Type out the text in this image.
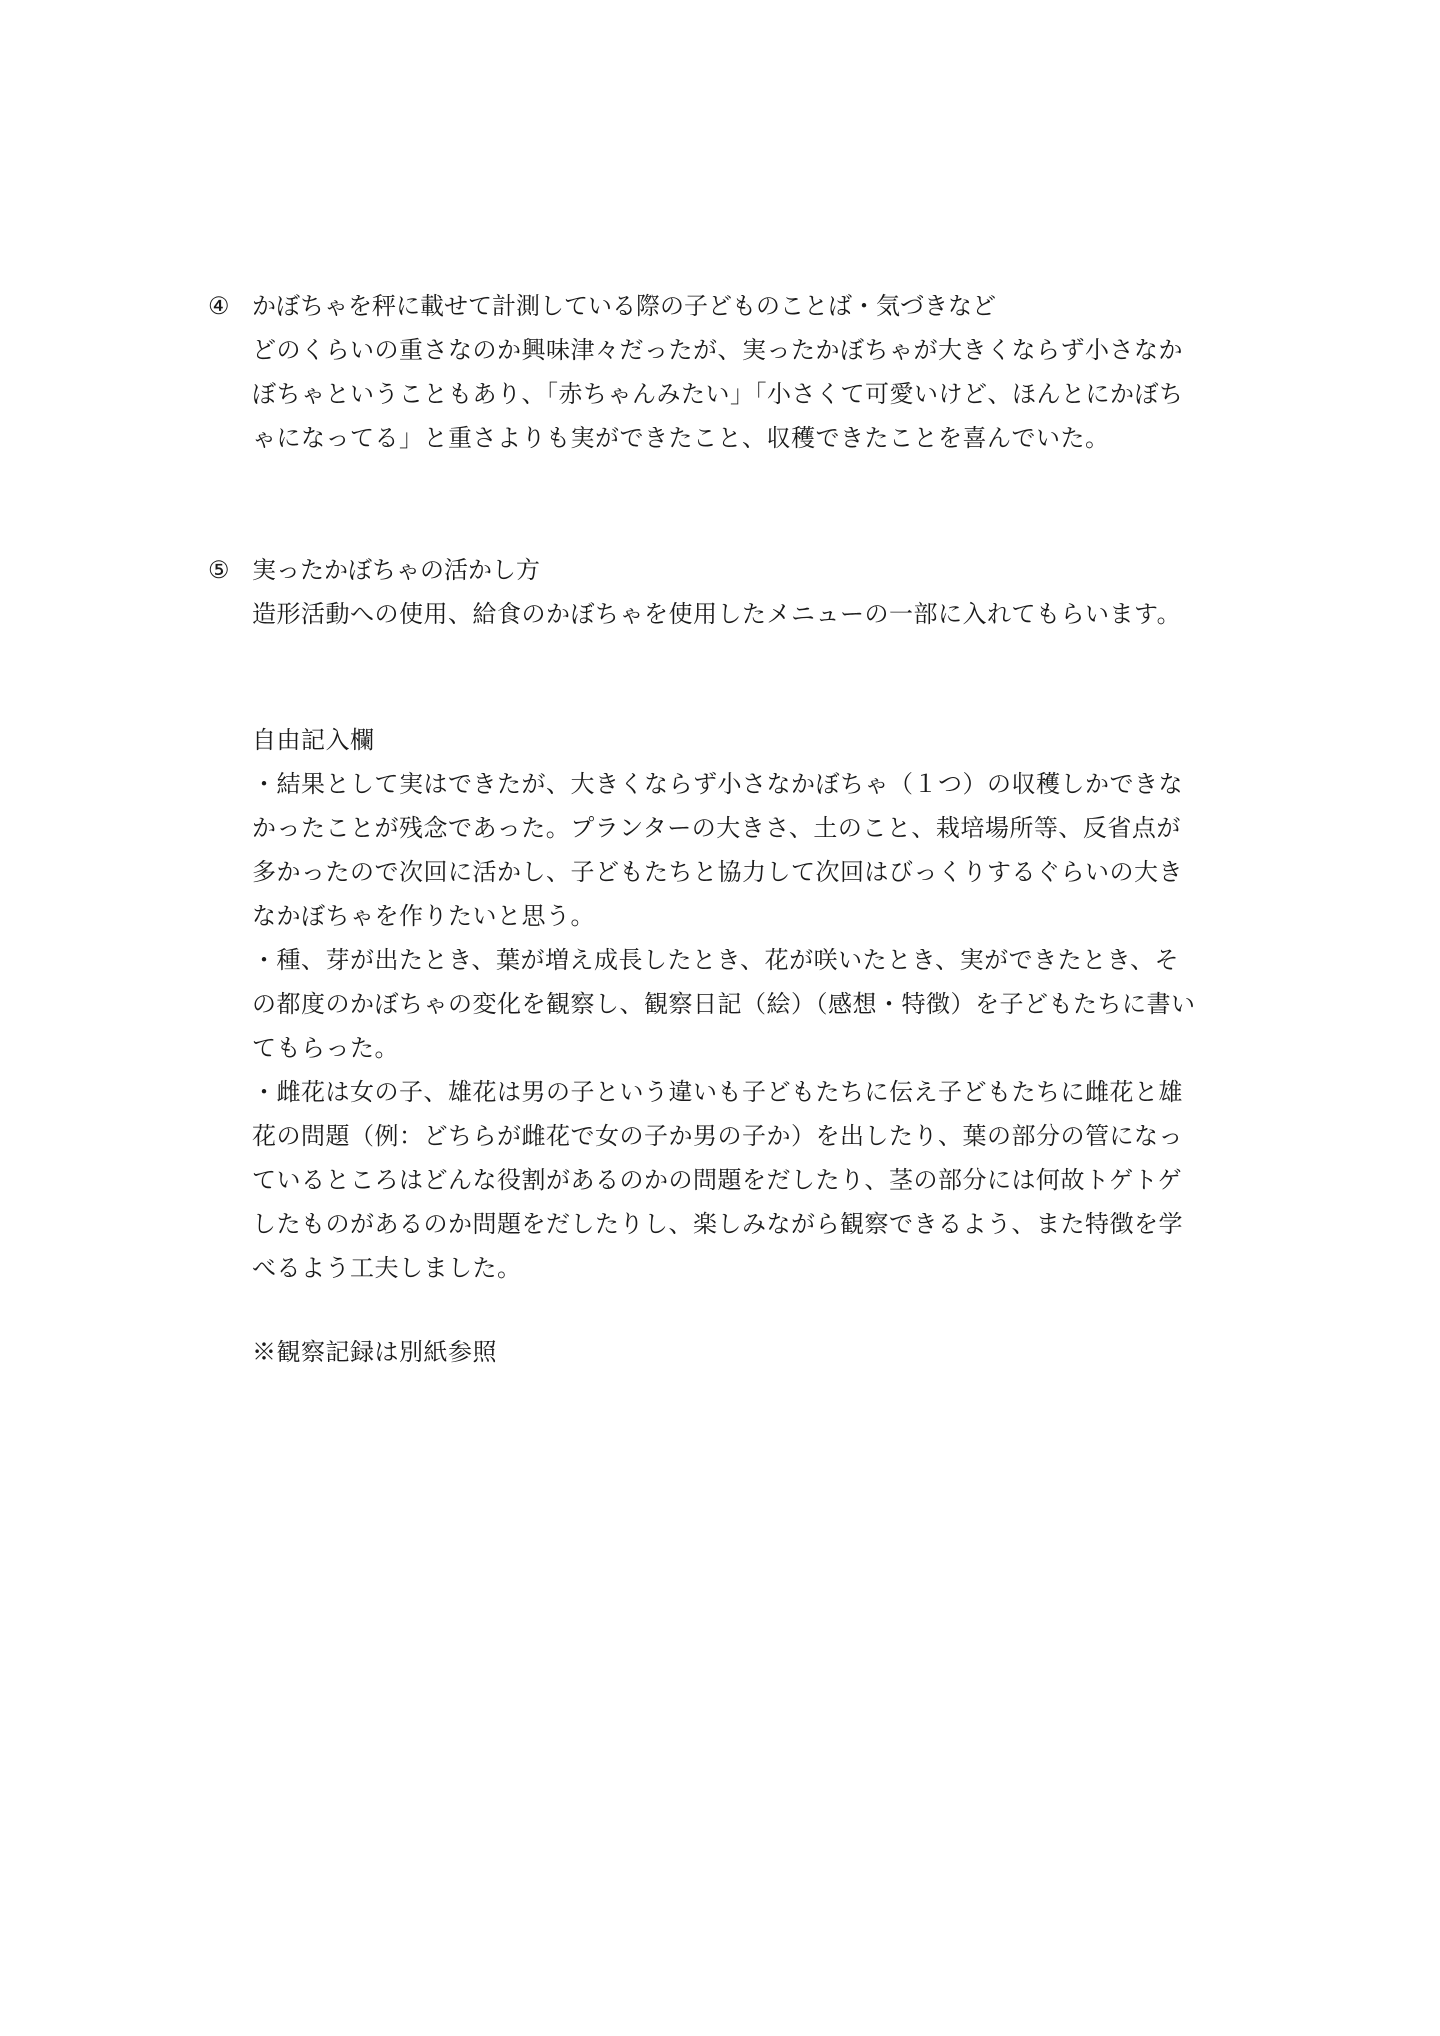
④ かぼちゃを秤に載せて計測している際の子どものことば・気づきなど
どのくらいの重さなのか興味津々だったが、実ったかぼちゃが大きくならず小さなか
ぼちゃということもあり、「赤ちゃんみたい」「小さくて可愛いけど、ほんとにかぼち
ゃになってる」と重さよりも実ができたこと、収穫できたことを喜んでいた。
⑤ 実ったかぼちゃの活かし方
造形活動への使用、給食のかぼちゃを使用したメニューの一部に入れてもらいます。
自由記入欄
・結果として実はできたが、大きくならず小さなかぼちゃ（１つ）の収穫しかできな
かったことが残念であった。プランターの大きさ、土のこと、栽培場所等、反省点が
多かったので次回に活かし、子どもたちと協力して次回はびっくりするぐらいの大き
なかぼちゃを作りたいと思う。
・種、芽が出たとき、葉が増え成長したとき、花が咲いたとき、実ができたとき、そ
の都度のかぼちゃの変化を観察し、観察日記（絵）（感想・特徴）を子どもたちに書い
てもらった。
・雌花は女の子、雄花は男の子という違いも子どもたちに伝え子どもたちに雌花と雄
花の問題（例：どちらが雌花で女の子か男の子か）を出したり、葉の部分の管になっ
ているところはどんな役割があるのかの問題をだしたり、茎の部分には何故トゲトゲ
したものがあるのか問題をだしたりし、楽しみながら観察できるよう、また特徴を学
べるよう工夫しました。
※観察記録は別紙参照
